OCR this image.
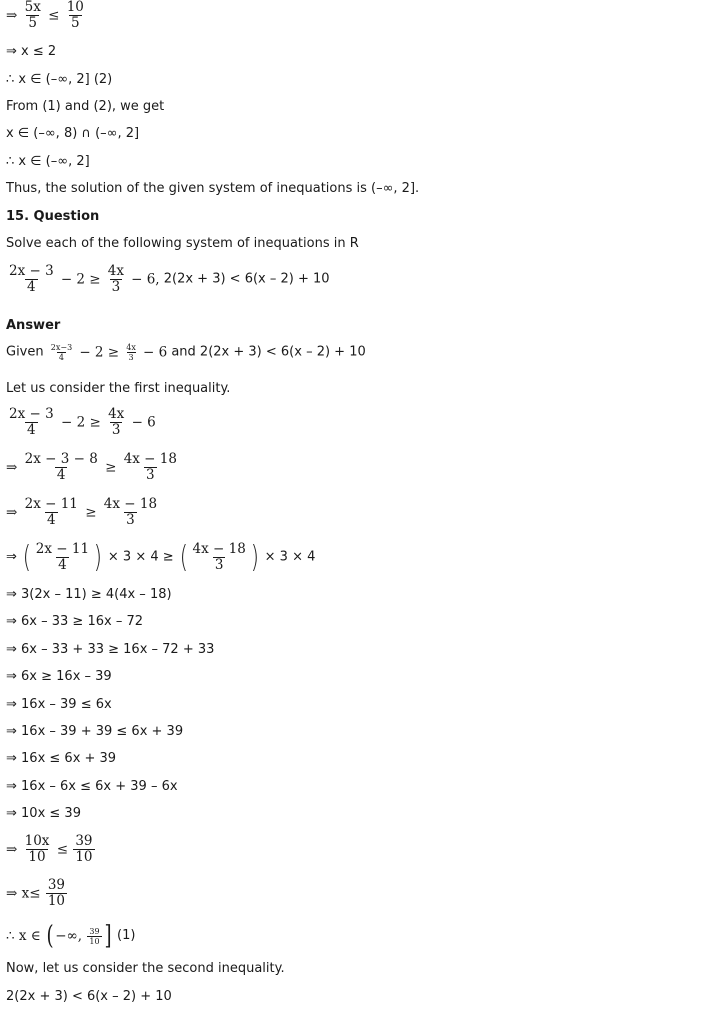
⇒ $\frac{5x}{5} \le \frac{10}{5}$
⇒ x ≤ 2
∴ x ∈ (–∞, 2] (2)
From (1) and (2), we get
x ∈ (–∞, 8) ∩ (–∞, 2]
∴ x ∈ (–∞, 2]
Thus, the solution of the given system of inequations is (–∞, 2].
15. Question
Solve each of the following system of inequations in R
$\frac{2x - 3}{4} - 2 \ge \frac{4x}{3} - 6$, 2(2x + 3) < 6(x – 2) + 10
Answer
Given $\frac{2x-3}{4} - 2 \ge \frac{4x}{3} - 6$ and 2(2x + 3) < 6(x – 2) + 10
Let us consider the first inequality.
$\frac{2x - 3}{4} - 2 \ge \frac{4x}{3} - 6$
⇒ $\frac{2x - 3 - 8}{4} \ge \frac{4x - 18}{3}$
⇒ $\frac{2x - 11}{4} \ge \frac{4x - 18}{3}$
⇒ ( $\frac{2x - 11}{4}$ ) × 3 × 4 ≥ ( $\frac{4x - 18}{3}$ ) × 3 × 4
⇒ 3(2x – 11) ≥ 4(4x – 18)
⇒ 6x – 33 ≥ 16x – 72
⇒ 6x – 33 + 33 ≥ 16x – 72 + 33
⇒ 6x ≥ 16x – 39
⇒ 16x – 39 ≤ 6x
⇒ 16x – 39 + 39 ≤ 6x + 39
⇒ 16x ≤ 6x + 39
⇒ 16x – 6x ≤ 6x + 39 – 6x
⇒ 10x ≤ 39
⇒ $\frac{10x}{10} \le \frac{39}{10}$
⇒ $x\le \frac{39}{10}$
∴ x ∈ ( −∞, $\frac{39}{10}$ ] (1)
Now, let us consider the second inequality.
2(2x + 3) < 6(x – 2) + 10
